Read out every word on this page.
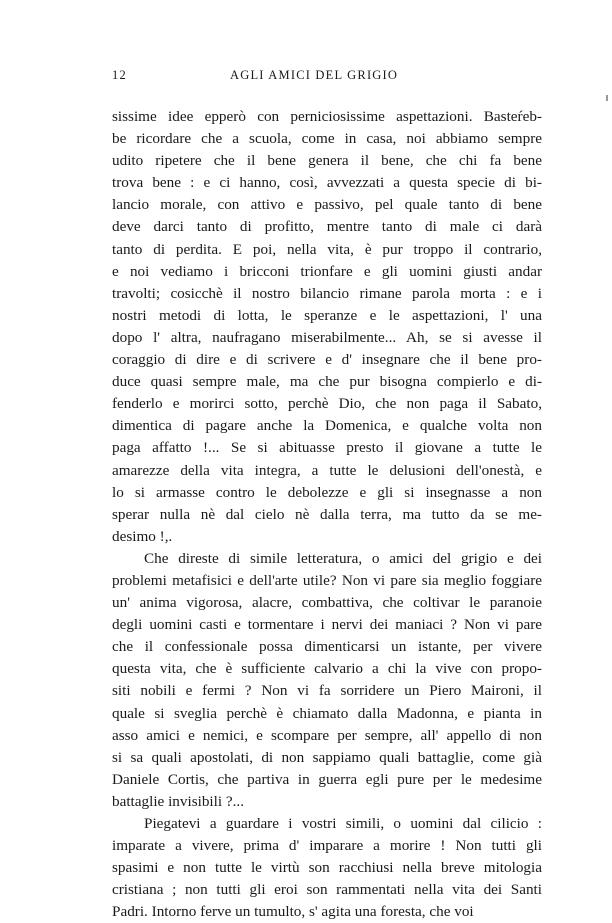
12	AGLI AMICI DEL GRIGIO
sissime idee epperò con perniciosissime aspettazioni. Basteŕeb-
be ricordare che a scuola, come in casa, noi abbiamo sempre
udito ripetere che il bene genera il bene, che chi fa bene
trova bene : e ci hanno, così, avvezzati a questa specie di bi-
lancio morale, con attivo e passivo, pel quale tanto di bene
deve darci tanto di profitto, mentre tanto di male ci darà
tanto di perdita. E poi, nella vita, è pur troppo il contrario,
e noi vediamo i bricconi trionfare e gli uomini giusti andar
travolti; cosicchè il nostro bilancio rimane parola morta : e i
nostri metodi di lotta, le speranze e le aspettazioni, l' una
dopo l' altra, naufragano miserabilmente... Ah, se si avesse il
coraggio di dire e di scrivere e d' insegnare che il bene pro-
duce quasi sempre male, ma che pur bisogna compierlo e di-
fenderlo e morirci sotto, perchè Dio, che non paga il Sabato,
dimentica di pagare anche la Domenica, e qualche volta non
paga affatto !... Se si abituasse presto il giovane a tutte le
amarezze della vita integra, a tutte le delusioni dell'onestà, e
lo si armasse contro le debolezze e gli si insegnasse a non
sperar nulla nè dal cielo nè dalla terra, ma tutto da se me-
desimo !,.
Che direste di simile letteratura, o amici del grigio e dei
problemi metafisici e dell'arte utile? Non vi pare sia meglio foggiare
un' anima vigorosa, alacre, combattiva, che coltivar le paranoie
degli uomini casti e tormentare i nervi dei maniaci ? Non vi pare
che il confessionale possa dimenticarsi un istante, per vivere
questa vita, che è sufficiente calvario a chi la vive con propo-
siti nobili e fermi ? Non vi fa sorridere un Piero Maironi, il
quale si sveglia perchè è chiamato dalla Madonna, e pianta in
asso amici e nemici, e scompare per sempre, all' appello di non
si sa quali apostolati, di non sappiamo quali battaglie, come già
Daniele Cortis, che partiva in guerra egli pure per le medesime
battaglie invisibili ?...
Piegatevi a guardare i vostri simili, o uomini dal cilicio :
imparate a vivere, prima d' imparare a morire ! Non tutti gli
spasimi e non tutte le virtù son racchiusi nella breve mitologia
cristiana ; non tutti gli eroi son rammentati nella vita dei Santi
Padri. Intorno ferve un tumulto, s' agita una foresta, che voi
